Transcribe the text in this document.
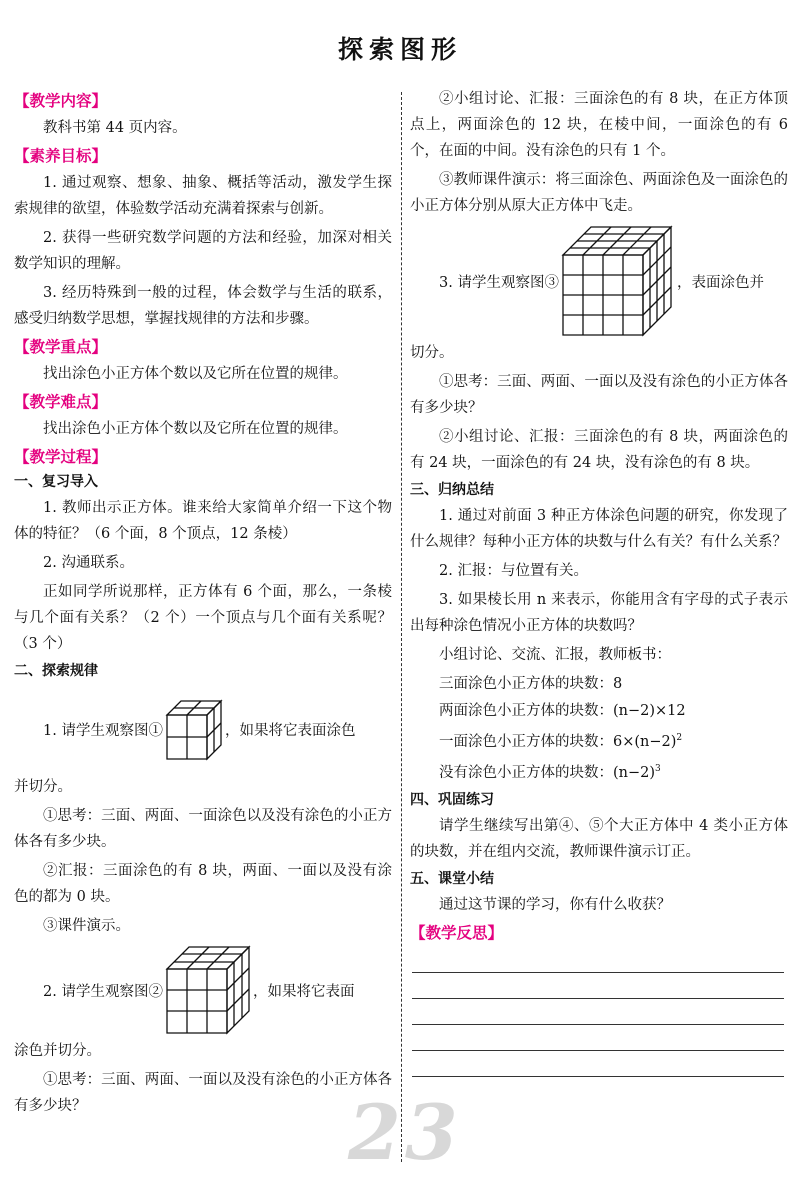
探索图形
【教学内容】

教科书第 44 页内容。

【素养目标】

1. 通过观察、想象、抽象、概括等活动，激发学生探索规律的欲望，体验数学活动充满着探索与创新。

2. 获得一些研究数学问题的方法和经验，加深对相关数学知识的理解。

3. 经历特殊到一般的过程，体会数学与生活的联系，感受归纳数学思想，掌握找规律的方法和步骤。

【教学重点】

找出涂色小正方体个数以及它所在位置的规律。

【教学难点】

找出涂色小正方体个数以及它所在位置的规律。

【教学过程】
一、复习导入

1. 教师出示正方体。谁来给大家简单介绍一下这个物体的特征？（6 个面，8 个顶点，12 条棱）

2. 沟通联系。

正如同学所说那样，正方体有 6 个面，那么，一条棱与几个面有关系？（2 个）一个顶点与几个面有关系呢？（3 个）

二、探索规律
1. 请学生观察图①	，如果将它表面涂色

并切分。

①思考：三面、两面、一面涂色以及没有涂色的小正方体各有多少块。

②汇报：三面涂色的有 8 块，两面、一面以及没有涂色的都为 0 块。

③课件演示。

2. 请学生观察图②	，如果将它表面

涂色并切分。

①思考：三面、两面、一面以及没有涂色的小正方体各有多少块？

②小组讨论、汇报：三面涂色的有 8 块，在正方体顶点上，两面涂色的 12 块，在棱中间，一面涂色的有 6 个，在面的中间。没有涂色的只有 1 个。

③教师课件演示：将三面涂色、两面涂色及一面涂色的小正方体分别从原大正方体中飞走。

3. 请学生观察图③	，表面涂色并

切分。

①思考：三面、两面、一面以及没有涂色的小正方体各有多少块？

②小组讨论、汇报：三面涂色的有 8 块，两面涂色的有 24 块，一面涂色的有 24 块，没有涂色的有 8 块。

三、归纳总结

1. 通过对前面 3 种正方体涂色问题的研究，你发现了什么规律？每种小正方体的块数与什么有关？有什么关系？

2. 汇报：与位置有关。

3. 如果棱长用 n 来表示，你能用含有字母的式子表示出每种涂色情况小正方体的块数吗？

小组讨论、交流、汇报，教师板书：

三面涂色小正方体的块数：8
两面涂色小正方体的块数：(n−2)×12
一面涂色小正方体的块数：$6\times(n-2)^2$
没有涂色小正方体的块数：$(n-2)^3$
四、巩固练习

请学生继续写出第④、⑤个大正方体中 4 类小正方体的块数，并在组内交流，教师课件演示订正。

五、课堂小结

通过这节课的学习，你有什么收获？

【教学反思】
23
